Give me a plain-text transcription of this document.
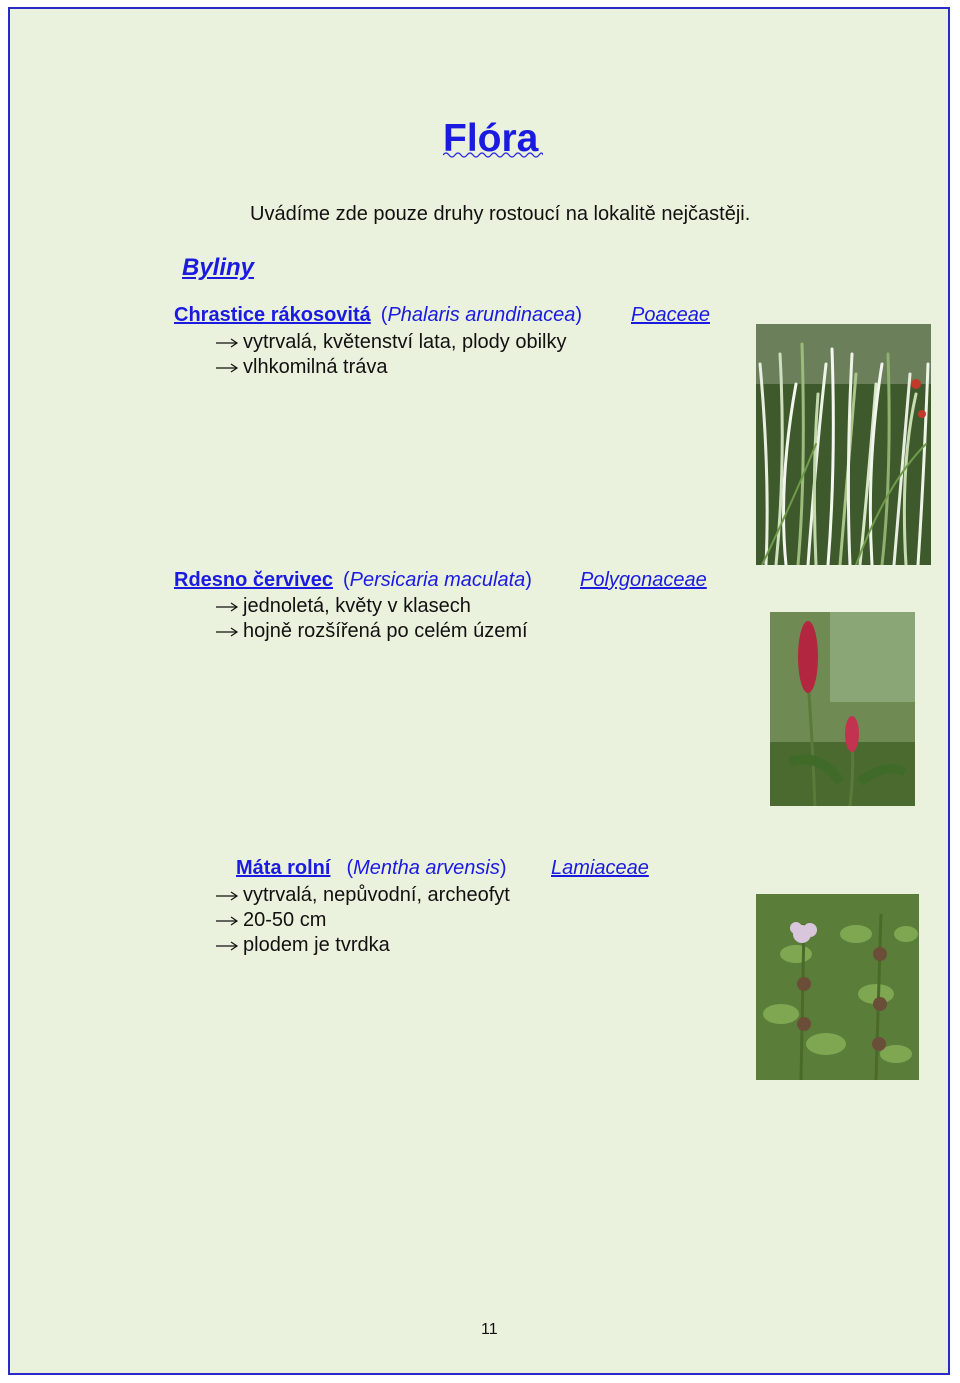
Flóra
Uvádíme zde pouze druhy rostoucí na lokalitě nejčastěji.
Byliny
Chrastice rákosovitá (Phalaris arundinacea) Poaceae
vytrvalá, květenství lata, plody obilky
vlhkomilná tráva
Rdesno červivec (Persicaria maculata) Polygonaceae
jednoletá, květy v klasech
hojně rozšířená po celém území
Máta rolní (Mentha arvensis) Lamiaceae
vytrvalá, nepůvodní, archeofyt
20-50 cm
plodem je tvrdka
11
